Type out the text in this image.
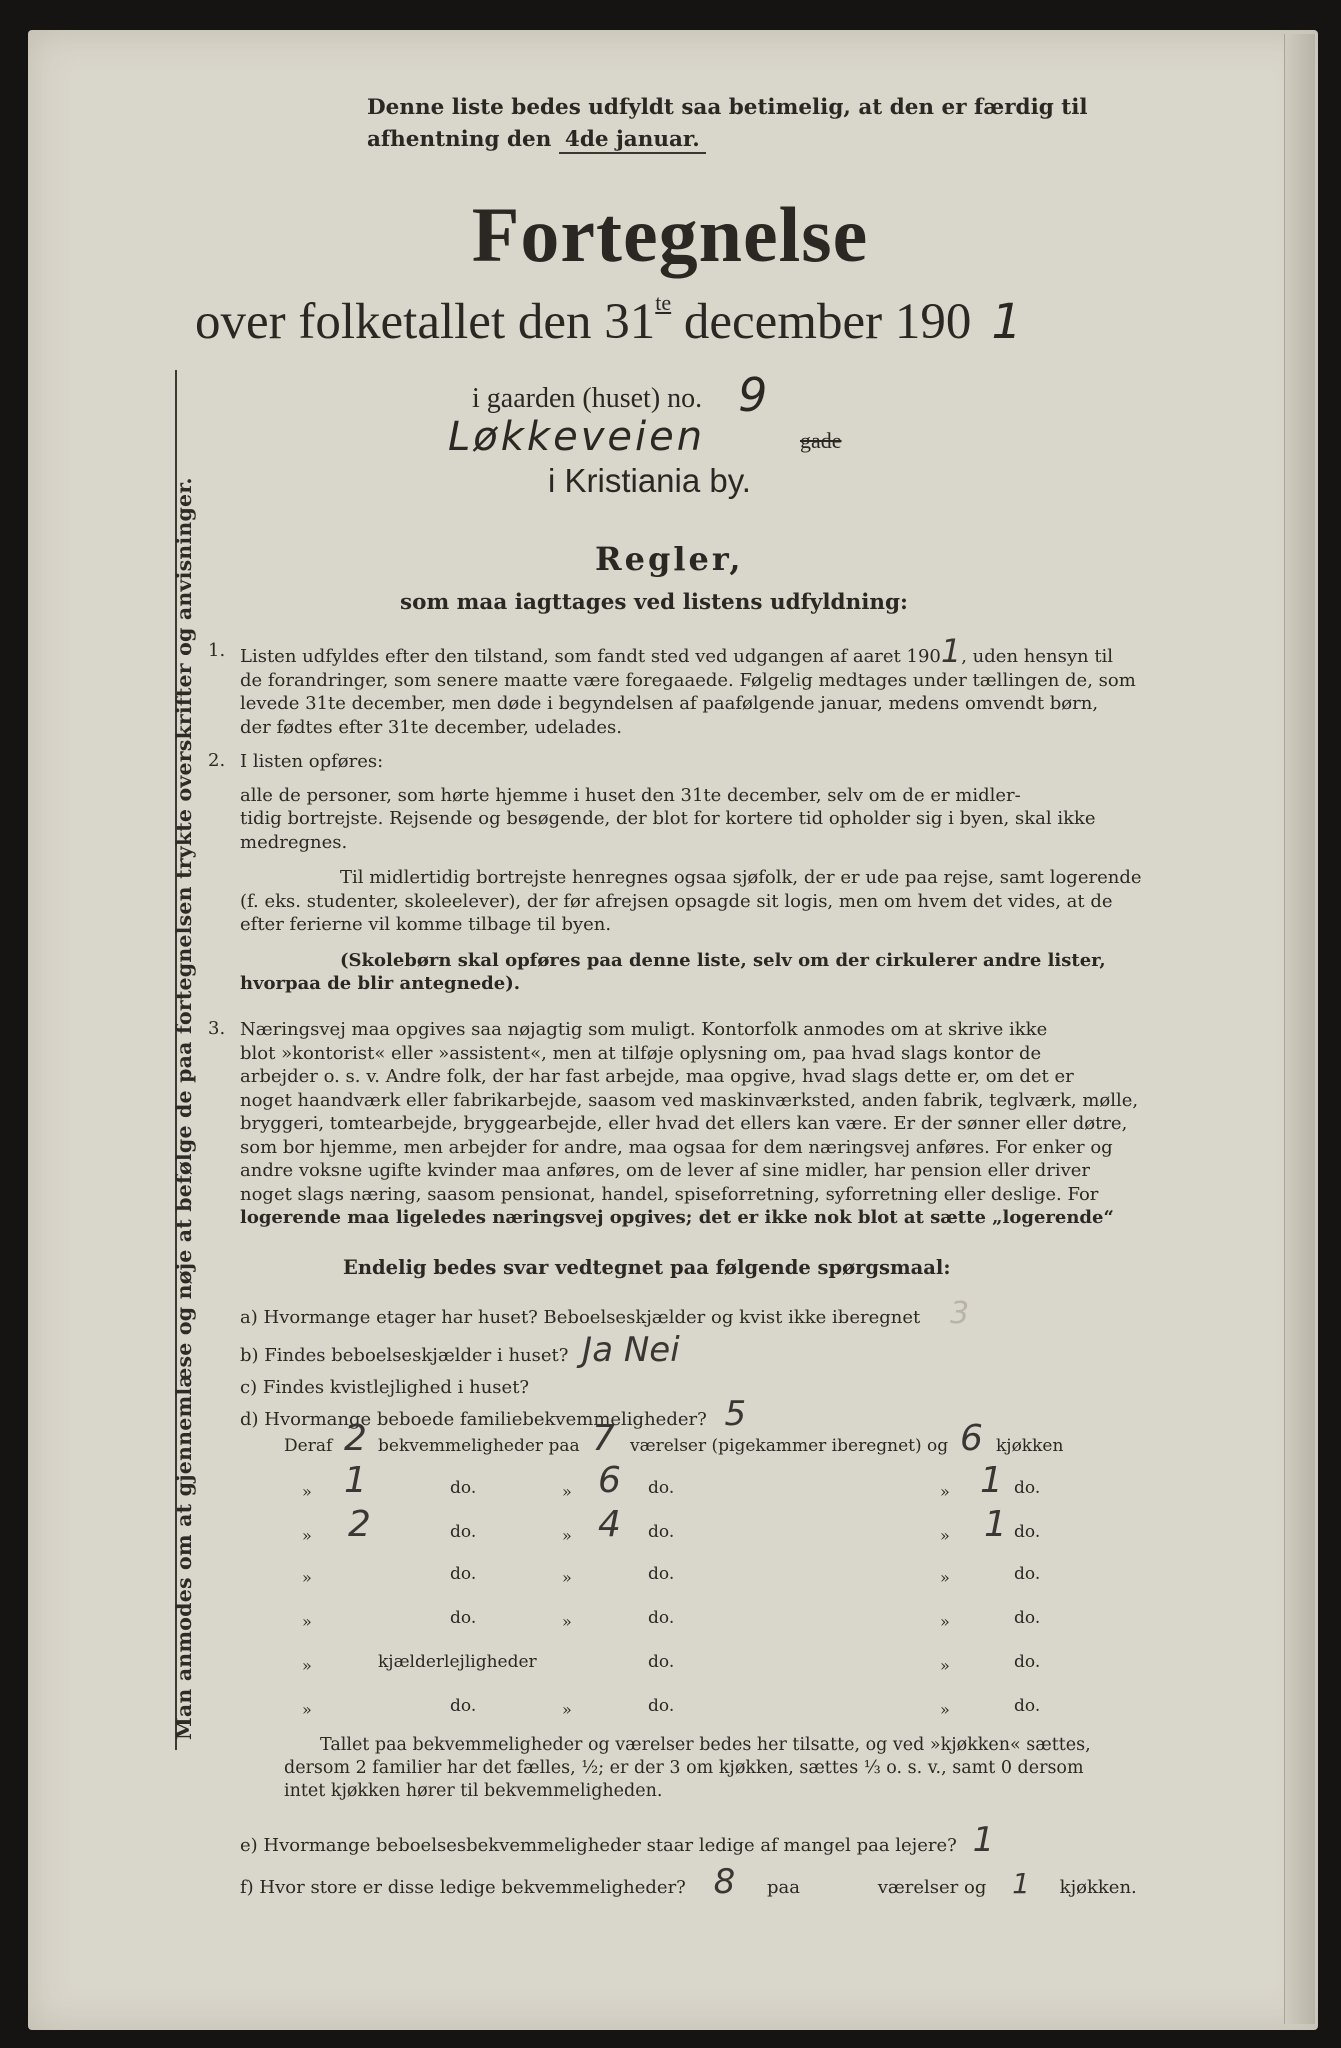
Man anmodes om at gjennemlæse og nøje at befølge de paa fortegnelsen trykte overskrifter og anvisninger.
Denne liste bedes udfyldt saa betimelig, at den er færdig til
afhentning den 4de januar.
Fortegnelse
over folketallet den $31^{te}$ december 190 1
i gaarden (huset) no. 9
Løkkeveien	gade
i Kristiania by.
Regler,
som maa iagttages ved listens udfyldning:
1. Listen udfyldes efter den tilstand, som fandt sted ved udgangen af aaret 1901, uden hensyn til
de forandringer, som senere maatte være foregaaede. Følgelig medtages under tællingen de, som
levede 31te december, men døde i begyndelsen af paafølgende januar, medens omvendt børn,
der fødtes efter 31te december, udelades.
2. I listen opføres:
alle de personer, som hørte hjemme i huset den 31te december, selv om de er midler-
tidig bortrejste. Rejsende og besøgende, der blot for kortere tid opholder sig i byen, skal ikke
medregnes.
Til midlertidig bortrejste henregnes ogsaa sjøfolk, der er ude paa rejse, samt logerende
(f. eks. studenter, skoleelever), der før afrejsen opsagde sit logis, men om hvem det vides, at de
efter ferierne vil komme tilbage til byen.
(Skolebørn skal opføres paa denne liste, selv om der cirkulerer andre lister,
hvorpaa de blir antegnede).
3. Næringsvej maa opgives saa nøjagtig som muligt. Kontorfolk anmodes om at skrive ikke
blot »kontorist« eller »assistent«, men at tilføje oplysning om, paa hvad slags kontor de
arbejder o. s. v. Andre folk, der har fast arbejde, maa opgive, hvad slags dette er, om det er
noget haandværk eller fabrikarbejde, saasom ved maskinværksted, anden fabrik, teglværk, mølle,
bryggeri, tomtearbejde, bryggearbejde, eller hvad det ellers kan være. Er der sønner eller døtre,
som bor hjemme, men arbejder for andre, maa ogsaa for dem næringsvej anføres. For enker og
andre voksne ugifte kvinder maa anføres, om de lever af sine midler, har pension eller driver
noget slags næring, saasom pensionat, handel, spiseforretning, syforretning eller deslige. For
logerende maa ligeledes næringsvej opgives; det er ikke nok blot at sætte „logerende“
Endelig bedes svar vedtegnet paa følgende spørgsmaal:
a) Hvormange etager har huset? Beboelseskjælder og kvist ikke iberegnet 3
b) Findes beboelseskjælder i huset? Ja Nei
c) Findes kvistlejlighed i huset?
d) Hvormange beboede familiebekvemmeligheder? 5
Deraf 2 bekvemmeligheder paa 7 værelser (pigekammer iberegnet) og 6 kjøkken
» 1	do.	» 6 do.	» 1 do.
» 2	do.	» 4 do.	» 1 do.
»	do.	»	do.	»	do.
»	do.	»	do.	»	do.
»	kjælderlejligheder	do.	»	do.
»	do.	»	do.	»	do.
Tallet paa bekvemmeligheder og værelser bedes her tilsatte, og ved »kjøkken« sættes,
dersom 2 familier har det fælles, ½; er der 3 om kjøkken, sættes ⅓ o. s. v., samt 0 dersom
intet kjøkken hører til bekvemmeligheden.
e) Hvormange beboelsesbekvemmeligheder staar ledige af mangel paa lejere? 1
f) Hvor store er disse ledige bekvemmeligheder? 8 paa	værelser og 1 kjøkken.
